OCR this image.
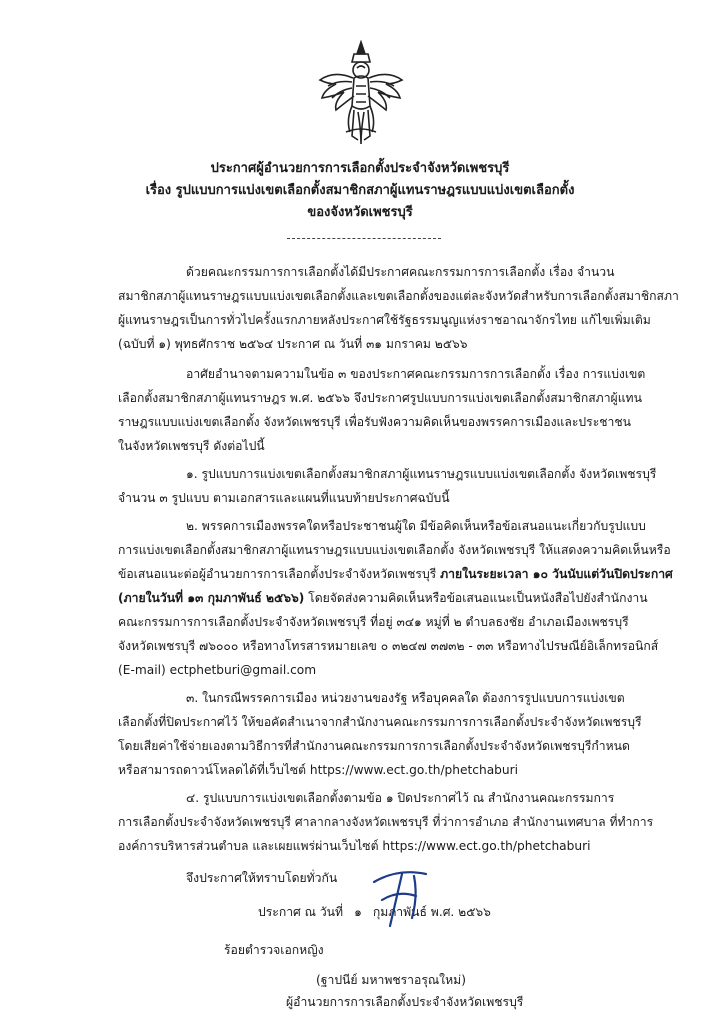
ประกาศผู้อำนวยการการเลือกตั้งประจำจังหวัดเพชรบุรี
เรื่อง รูปแบบการแบ่งเขตเลือกตั้งสมาชิกสภาผู้แทนราษฎรแบบแบ่งเขตเลือกตั้ง
ของจังหวัดเพชรบุรี
ด้วยคณะกรรมการการเลือกตั้งได้มีประกาศคณะกรรมการการเลือกตั้ง เรื่อง จำนวน
สมาชิกสภาผู้แทนราษฎรแบบแบ่งเขตเลือกตั้งและเขตเลือกตั้งของแต่ละจังหวัดสำหรับการเลือกตั้งสมาชิกสภา
ผู้แทนราษฎรเป็นการทั่วไปครั้งแรกภายหลังประกาศใช้รัฐธรรมนูญแห่งราชอาณาจักรไทย แก้ไขเพิ่มเติม
(ฉบับที่ ๑) พุทธศักราช ๒๕๖๔ ประกาศ ณ วันที่ ๓๑ มกราคม ๒๕๖๖
อาศัยอำนาจตามความในข้อ ๓ ของประกาศคณะกรรมการการเลือกตั้ง เรื่อง การแบ่งเขต
เลือกตั้งสมาชิกสภาผู้แทนราษฎร พ.ศ. ๒๕๖๖ จึงประกาศรูปแบบการแบ่งเขตเลือกตั้งสมาชิกสภาผู้แทน
ราษฎรแบบแบ่งเขตเลือกตั้ง จังหวัดเพชรบุรี เพื่อรับฟังความคิดเห็นของพรรคการเมืองและประชาชน
ในจังหวัดเพชรบุรี ดังต่อไปนี้
๑. รูปแบบการแบ่งเขตเลือกตั้งสมาชิกสภาผู้แทนราษฎรแบบแบ่งเขตเลือกตั้ง จังหวัดเพชรบุรี
จำนวน ๓ รูปแบบ ตามเอกสารและแผนที่แนบท้ายประกาศฉบับนี้
๒. พรรคการเมืองพรรคใดหรือประชาชนผู้ใด มีข้อคิดเห็นหรือข้อเสนอแนะเกี่ยวกับรูปแบบ
การแบ่งเขตเลือกตั้งสมาชิกสภาผู้แทนราษฎรแบบแบ่งเขตเลือกตั้ง จังหวัดเพชรบุรี ให้แสดงความคิดเห็นหรือ
ข้อเสนอแนะต่อผู้อำนวยการการเลือกตั้งประจำจังหวัดเพชรบุรี ภายในระยะเวลา ๑๐ วันนับแต่วันปิดประกาศ
(ภายในวันที่ ๑๓ กุมภาพันธ์ ๒๕๖๖) โดยจัดส่งความคิดเห็นหรือข้อเสนอแนะเป็นหนังสือไปยังสำนักงาน
คณะกรรมการการเลือกตั้งประจำจังหวัดเพชรบุรี ที่อยู่ ๓๔๑ หมู่ที่ ๒ ตำบลธงชัย อำเภอเมืองเพชรบุรี
จังหวัดเพชรบุรี ๗๖๐๐๐ หรือทางโทรสารหมายเลข ๐ ๓๒๔๗ ๓๗๓๒ - ๓๓ หรือทางไปรษณีย์อิเล็กทรอนิกส์
(E-mail) ectphetburi@gmail.com
๓. ในกรณีพรรคการเมือง หน่วยงานของรัฐ หรือบุคคลใด ต้องการรูปแบบการแบ่งเขต
เลือกตั้งที่ปิดประกาศไว้ ให้ขอคัดสำเนาจากสำนักงานคณะกรรมการการเลือกตั้งประจำจังหวัดเพชรบุรี
โดยเสียค่าใช้จ่ายเองตามวิธีการที่สำนักงานคณะกรรมการการเลือกตั้งประจำจังหวัดเพชรบุรีกำหนด
หรือสามารถดาวน์โหลดได้ที่เว็บไซต์ https://www.ect.go.th/phetchaburi
๔. รูปแบบการแบ่งเขตเลือกตั้งตามข้อ ๑ ปิดประกาศไว้ ณ สำนักงานคณะกรรมการ
การเลือกตั้งประจำจังหวัดเพชรบุรี ศาลากลางจังหวัดเพชรบุรี ที่ว่าการอำเภอ สำนักงานเทศบาล ที่ทำการ
องค์การบริหารส่วนตำบล และเผยแพร่ผ่านเว็บไซต์ https://www.ect.go.th/phetchaburi
จึงประกาศให้ทราบโดยทั่วกัน
ประกาศ ณ วันที่ ๑ กุมภาพันธ์ พ.ศ. ๒๕๖๖
ร้อยตำรวจเอกหญิง
(ฐาปนีย์ มหาพชราอรุณใหม่)
ผู้อำนวยการการเลือกตั้งประจำจังหวัดเพชรบุรี
